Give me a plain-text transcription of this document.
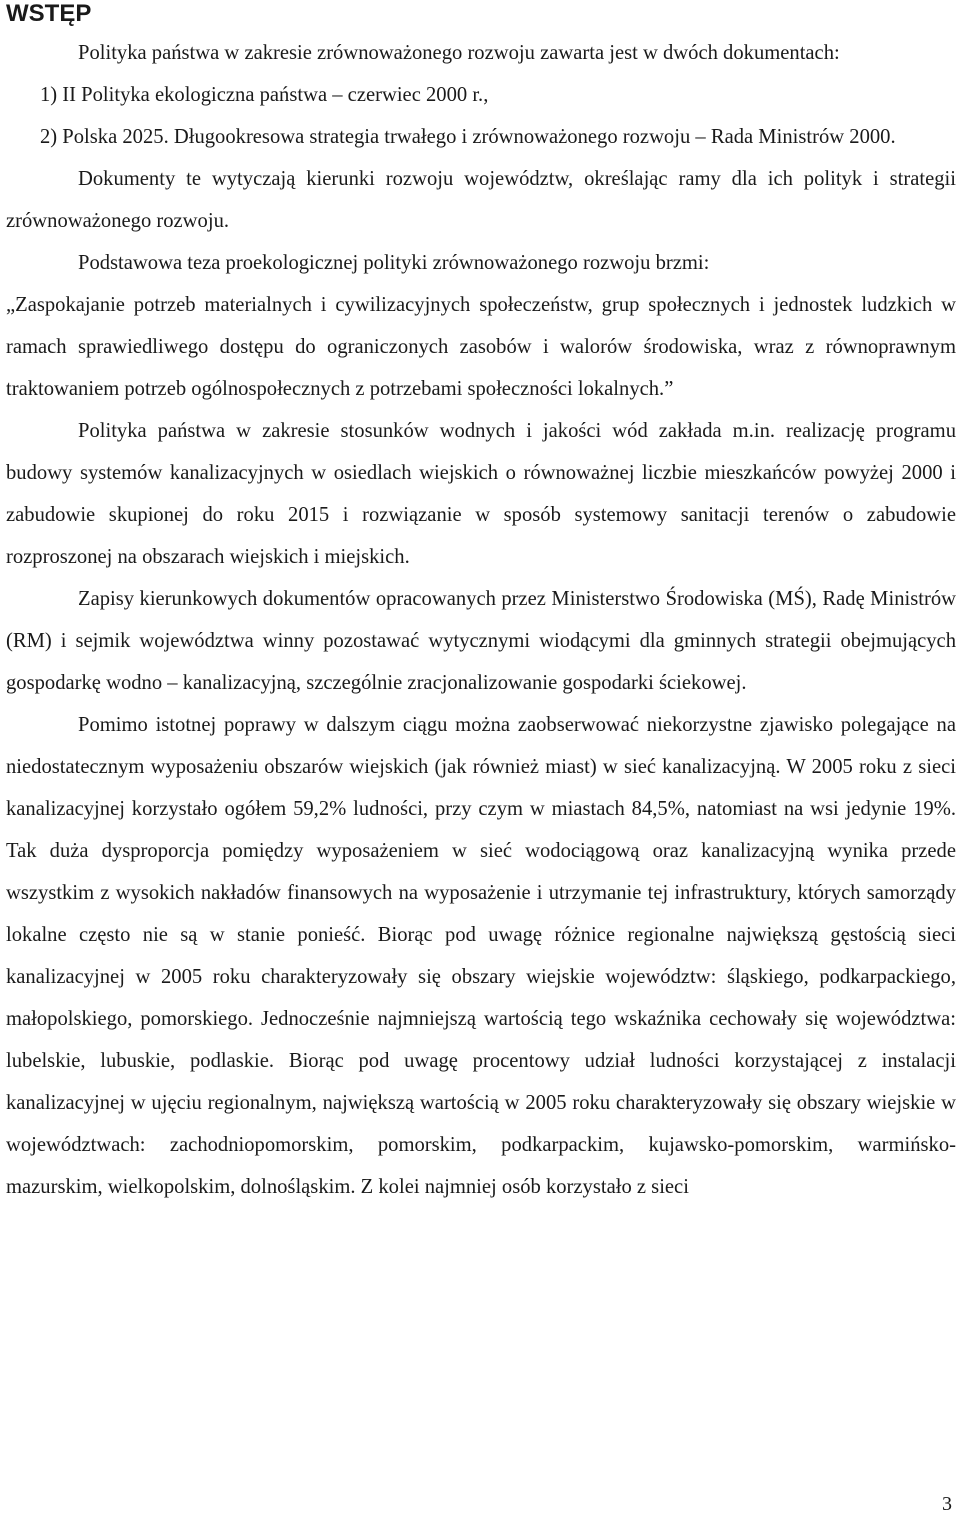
WSTĘP

Polityka państwa w zakresie zrównoważonego rozwoju zawarta jest w dwóch dokumentach:

1) II Polityka ekologiczna państwa – czerwiec 2000 r.,

2) Polska 2025. Długookresowa strategia trwałego i zrównoważonego rozwoju – Rada Ministrów 2000.

Dokumenty te wytyczają kierunki rozwoju województw, określając ramy dla ich polityk i strategii zrównoważonego rozwoju.

Podstawowa teza proekologicznej polityki zrównoważonego rozwoju brzmi:

„Zaspokajanie potrzeb materialnych i cywilizacyjnych społeczeństw, grup społecznych i jednostek ludzkich w ramach sprawiedliwego dostępu do ograniczonych zasobów i walorów środowiska, wraz z równoprawnym traktowaniem potrzeb ogólnospołecznych z potrzebami społeczności lokalnych.”

Polityka państwa w zakresie stosunków wodnych i jakości wód zakłada m.in. realizację programu budowy systemów kanalizacyjnych w osiedlach wiejskich o równoważnej liczbie mieszkańców powyżej 2000 i zabudowie skupionej do roku 2015 i rozwiązanie w sposób systemowy sanitacji terenów o zabudowie rozproszonej na obszarach wiejskich i miejskich.

Zapisy kierunkowych dokumentów opracowanych przez Ministerstwo Środowiska (MŚ), Radę Ministrów (RM) i sejmik województwa winny pozostawać wytycznymi wiodącymi dla gminnych strategii obejmujących gospodarkę wodno – kanalizacyjną, szczególnie zracjonalizowanie gospodarki ściekowej.

Pomimo istotnej poprawy w dalszym ciągu można zaobserwować niekorzystne zjawisko polegające na niedostatecznym wyposażeniu obszarów wiejskich (jak również miast) w sieć kanalizacyjną. W 2005 roku z sieci kanalizacyjnej korzystało ogółem 59,2% ludności, przy czym w miastach 84,5%, natomiast na wsi jedynie 19%. Tak duża dysproporcja pomiędzy wyposażeniem w sieć wodociągową oraz kanalizacyjną wynika przede wszystkim z wysokich nakładów finansowych na wyposażenie i utrzymanie tej infrastruktury, których samorządy lokalne często nie są w stanie ponieść. Biorąc pod uwagę różnice regionalne największą gęstością sieci kanalizacyjnej w 2005 roku charakteryzowały się obszary wiejskie województw: śląskiego, podkarpackiego, małopolskiego, pomorskiego. Jednocześnie najmniejszą wartością tego wskaźnika cechowały się województwa: lubelskie, lubuskie, podlaskie. Biorąc pod uwagę procentowy udział ludności korzystającej z instalacji kanalizacyjnej w ujęciu regionalnym, największą wartością w 2005 roku charakteryzowały się obszary wiejskie w województwach: zachodniopomorskim, pomorskim, podkarpackim, kujawsko-pomorskim, warmińsko-mazurskim, wielkopolskim, dolnośląskim. Z kolei najmniej osób korzystało z sieci

3
